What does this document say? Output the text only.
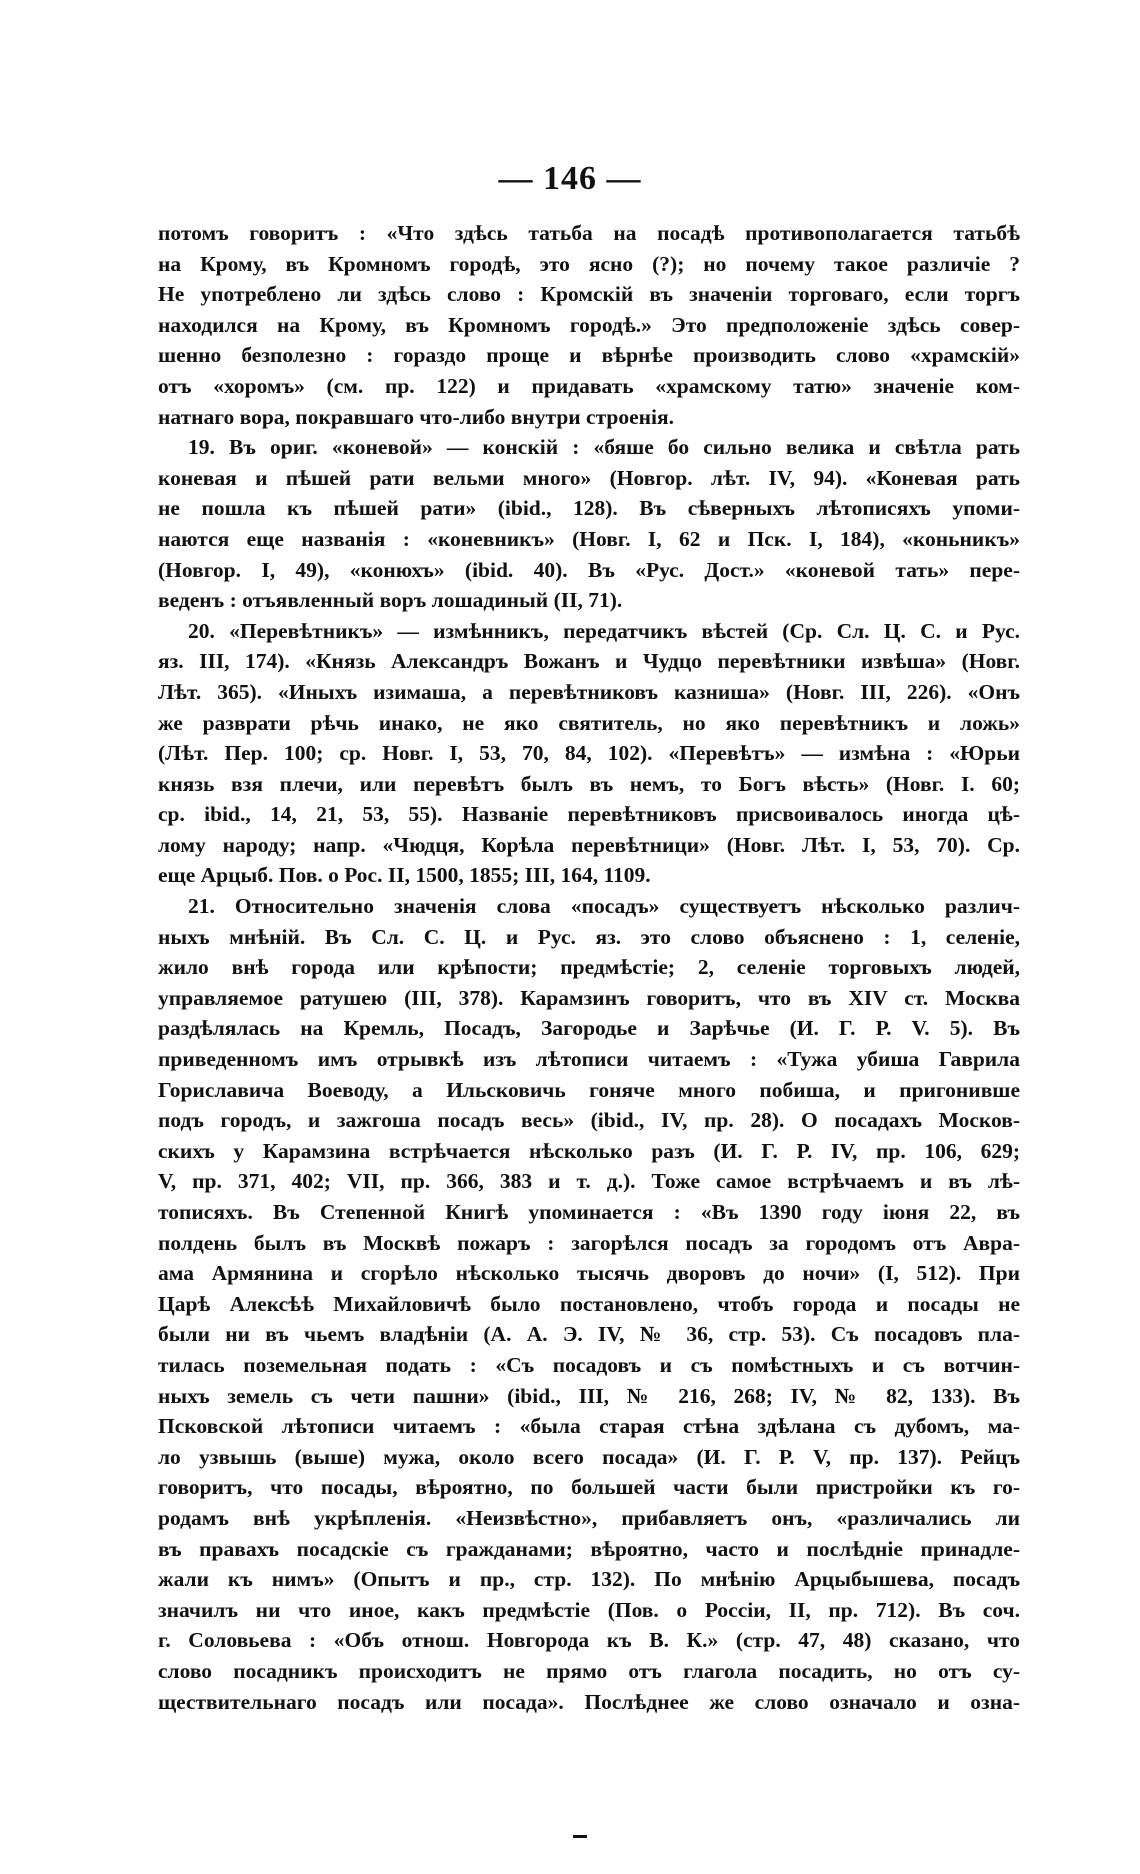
— 146 —
потомъ говоритъ : «Что здѣсь татьба на посадѣ противополагается татьбѣ
на Крому, въ Кромномъ городѣ, это ясно (?); но почему такое различіе ?
Не употреблено ли здѣсь слово : Кромскій въ значеніи торговаго, если торгъ
находился на Крому, въ Кромномъ городѣ.» Это предположеніе здѣсь совер-
шенно безполезно : гораздо проще и вѣрнѣе производить слово «храмскій»
отъ «хоромъ» (см. пр. 122) и придавать «храмскому татю» значеніе ком-
натнаго вора, покравшаго что-либо внутри строенія.
19. Въ ориг. «коневой» — конскій : «бяше бо сильно велика и свѣтла рать
коневая и пѣшей рати вельми много» (Новгор. лѣт. IV, 94). «Коневая рать
не пошла къ пѣшей рати» (ibid., 128). Въ сѣверныхъ лѣтописяхъ упоми-
наются еще названія : «коневникъ» (Новг. I, 62 и Пск. I, 184), «коньникъ»
(Новгор. I, 49), «конюхъ» (ibid. 40). Въ «Рус. Дост.» «коневой тать» пере-
веденъ : отъявленный воръ лошадиный (II, 71).
20. «Перевѣтникъ» — измѣнникъ, передатчикъ вѣстей (Ср. Сл. Ц. С. и Рус.
яз. III, 174). «Князь Александръ Вожанъ и Чудцо перевѣтники извѣша» (Новг.
Лѣт. 365). «Иныхъ изимаша, а перевѣтниковъ казниша» (Новг. III, 226). «Онъ
же разврати рѣчь инако, не яко святитель, но яко перевѣтникъ и ложь»
(Лѣт. Пер. 100; ср. Новг. I, 53, 70, 84, 102). «Перевѣтъ» — измѣна : «Юрьи
князь взя плечи, или перевѣтъ былъ въ немъ, то Богъ вѣсть» (Новг. I. 60;
ср. ibid., 14, 21, 53, 55). Названіе перевѣтниковъ присвоивалось иногда цѣ-
лому народу; напр. «Чюдця, Корѣла перевѣтници» (Новг. Лѣт. I, 53, 70). Ср.
еще Арцыб. Пов. о Рос. II, 1500, 1855; III, 164, 1109.
21. Относительно значенія слова «посадъ» существуетъ нѣсколько различ-
ныхъ мнѣній. Въ Сл. С. Ц. и Рус. яз. это слово объяснено : 1, селеніе,
жило внѣ города или крѣпости; предмѣстіе; 2, селеніе торговыхъ людей,
управляемое ратушею (III, 378). Карамзинъ говоритъ, что въ XIV ст. Москва
раздѣлялась на Кремль, Посадъ, Загородье и Зарѣчье (И. Г. Р. V. 5). Въ
приведенномъ имъ отрывкѣ изъ лѣтописи читаемъ : «Тужа убиша Гаврила
Гориславича Воеводу, а Ильсковичь гоняче много побиша, и пригонивше
подъ городъ, и зажгоша посадъ весь» (ibid., IV, пр. 28). О посадахъ Москов-
скихъ у Карамзина встрѣчается нѣсколько разъ (И. Г. Р. IV, пр. 106, 629;
V, пр. 371, 402; VII, пр. 366, 383 и т. д.). Тоже самое встрѣчаемъ и въ лѣ-
тописяхъ. Въ Степенной Книгѣ упоминается : «Въ 1390 году іюня 22, въ
полдень былъ въ Москвѣ пожаръ : загорѣлся посадъ за городомъ отъ Авра-
ама Армянина и сгорѣло нѣсколько тысячь дворовъ до ночи» (I, 512). При
Царѣ Алексѣѣ Михайловичѣ было постановлено, чтобъ города и посады не
были ни въ чьемъ владѣніи (А. А. Э. IV, № 36, стр. 53). Съ посадовъ пла-
тилась поземельная подать : «Съ посадовъ и съ помѣстныхъ и съ вотчин-
ныхъ земель съ чети пашни» (ibid., III, № 216, 268; IV, № 82, 133). Въ
Псковской лѣтописи читаемъ : «была старая стѣна здѣлана съ дубомъ, ма-
ло узвышь (выше) мужа, около всего посада» (И. Г. Р. V, пр. 137). Рейцъ
говоритъ, что посады, вѣроятно, по большей части были пристройки къ го-
родамъ внѣ укрѣпленія. «Неизвѣстно», прибавляетъ онъ, «различались ли
въ правахъ посадскіе съ гражданами; вѣроятно, часто и послѣдніе принадле-
жали къ нимъ» (Опытъ и пр., стр. 132). По мнѣнію Арцыбышева, посадъ
значилъ ни что иное, какъ предмѣстіе (Пов. о Россіи, II, пр. 712). Въ соч.
г. Соловьева : «Объ отнош. Новгорода къ В. К.» (стр. 47, 48) сказано, что
слово посадникъ происходитъ не прямо отъ глагола посадить, но отъ су-
ществительнаго посадъ или посада». Послѣднее же слово означало и озна-
